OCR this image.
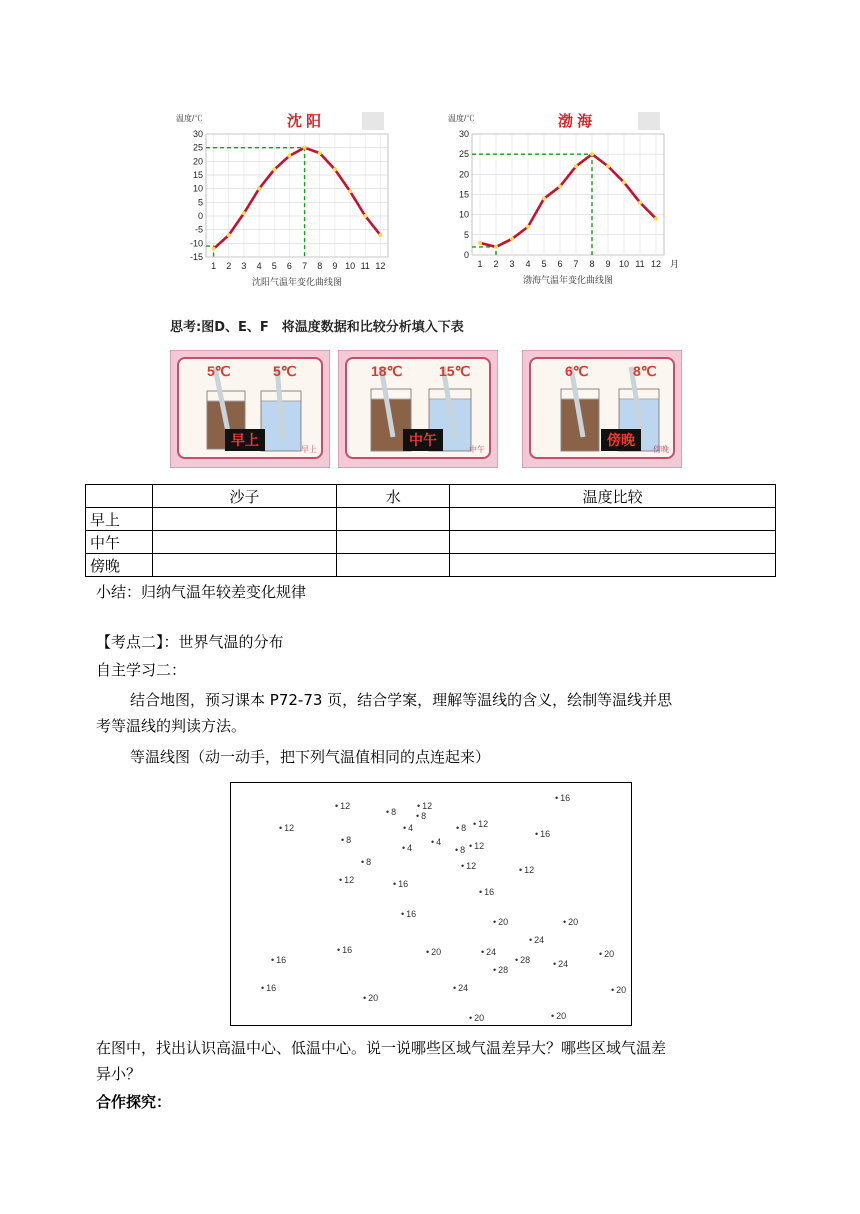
沈 阳
温度/℃
30
25
20
15
10
5
0
-5
-10
-15
1 2 3 4 5 6 7 8 9 10 11 12
沈阳气温年变化曲线图
渤 海
温度/℃
30
25
20
15
10
5
0
1 2 3 4 5 6 7 8 9 10 11 12 月
渤海气温年变化曲线图
思考:图D、E、F　将温度数据和比较分析填入下表
5℃	5℃
早上
早上
18℃	15℃
中午
中午
6℃	8℃
傍晚
傍晚
	沙子	水	温度比较
早上			
中午			
傍晚			
小结：归纳气温年较差变化规律
【考点二】：世界气温的分布
自主学习二：
结合地图，预习课本 P72-73 页，结合学案，理解等温线的含义，绘制等温线并思
考等温线的判读方法。
等温线图（动一动手，把下列气温值相同的点连起来）
• 12
• 12
• 8
• 8
• 12
• 16
• 12
• 8
• 8
• 4
• 4
• 4
• 8 • 12
• 16
• 8	• 12
• 12	• 16
• 12
• 16
• 16
• 20	• 20
• 24
• 16
• 16	• 20	• 24
• 28
• 28
• 20
• 24
• 24
• 16
• 20
• 20
• 20	• 20
在图中，找出认识高温中心、低温中心。说一说哪些区域气温差异大？哪些区域气温差
异小？
合作探究：
